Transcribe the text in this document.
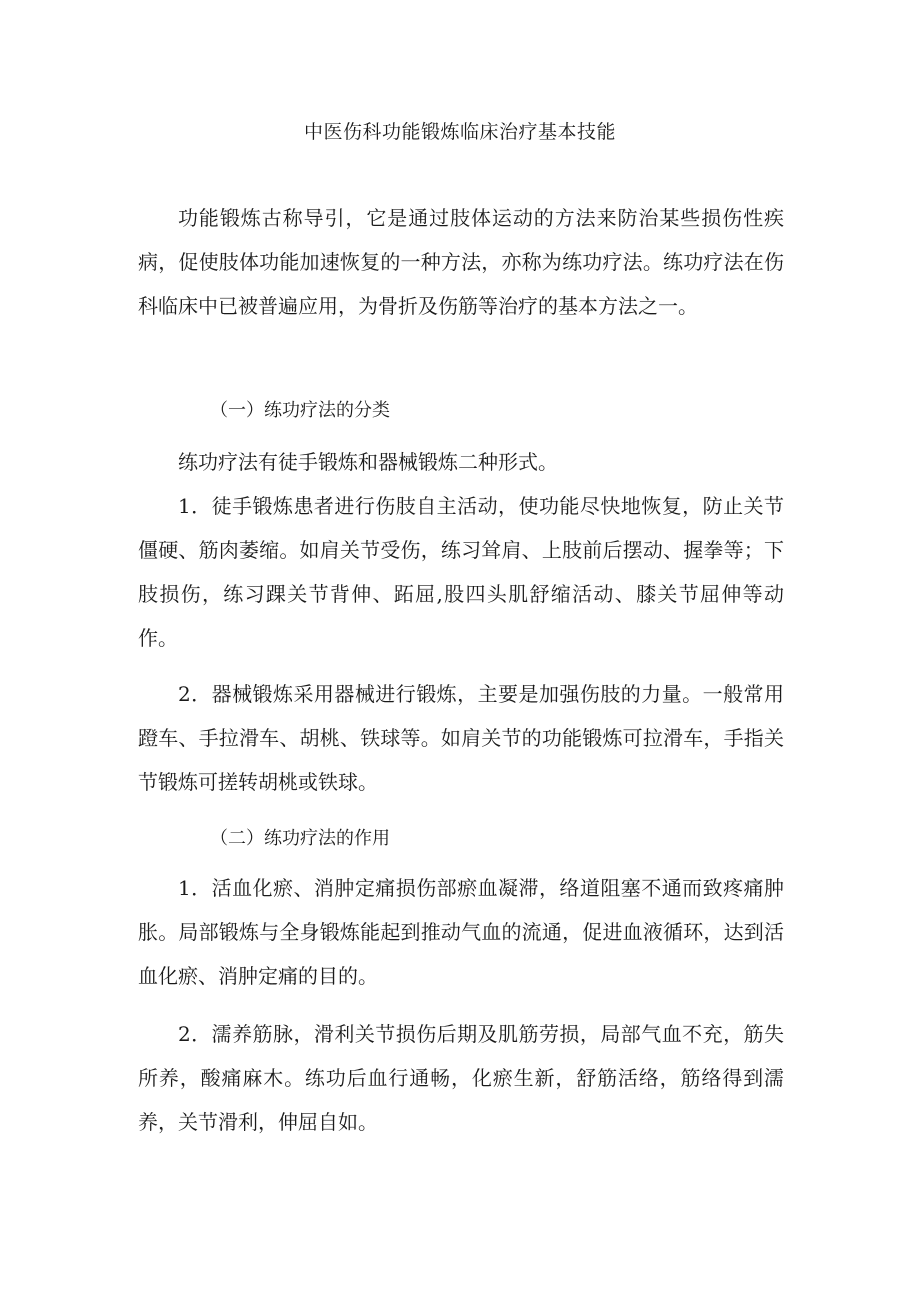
中医伤科功能锻炼临床治疗基本技能

功能锻炼古称导引，它是通过肢体运动的方法来防治某些损伤性疾病，促使肢体功能加速恢复的一种方法，亦称为练功疗法。练功疗法在伤科临床中已被普遍应用，为骨折及伤筋等治疗的基本方法之一。

（一）练功疗法的分类

练功疗法有徒手锻炼和器械锻炼二种形式。

1．徒手锻炼患者进行伤肢自主活动，使功能尽快地恢复，防止关节僵硬、筋肉萎缩。如肩关节受伤，练习耸肩、上肢前后摆动、握拳等；下肢损伤，练习踝关节背伸、跖屈,股四头肌舒缩活动、膝关节屈伸等动作。

2．器械锻炼采用器械进行锻炼，主要是加强伤肢的力量。一般常用蹬车、手拉滑车、胡桃、铁球等。如肩关节的功能锻炼可拉滑车，手指关节锻炼可搓转胡桃或铁球。

（二）练功疗法的作用

1．活血化瘀、消肿定痛损伤部瘀血凝滞，络道阻塞不通而致疼痛肿胀。局部锻炼与全身锻炼能起到推动气血的流通，促进血液循环，达到活血化瘀、消肿定痛的目的。

2．濡养筋脉，滑利关节损伤后期及肌筋劳损，局部气血不充，筋失所养，酸痛麻木。练功后血行通畅，化瘀生新，舒筋活络，筋络得到濡养，关节滑利，伸屈自如。
